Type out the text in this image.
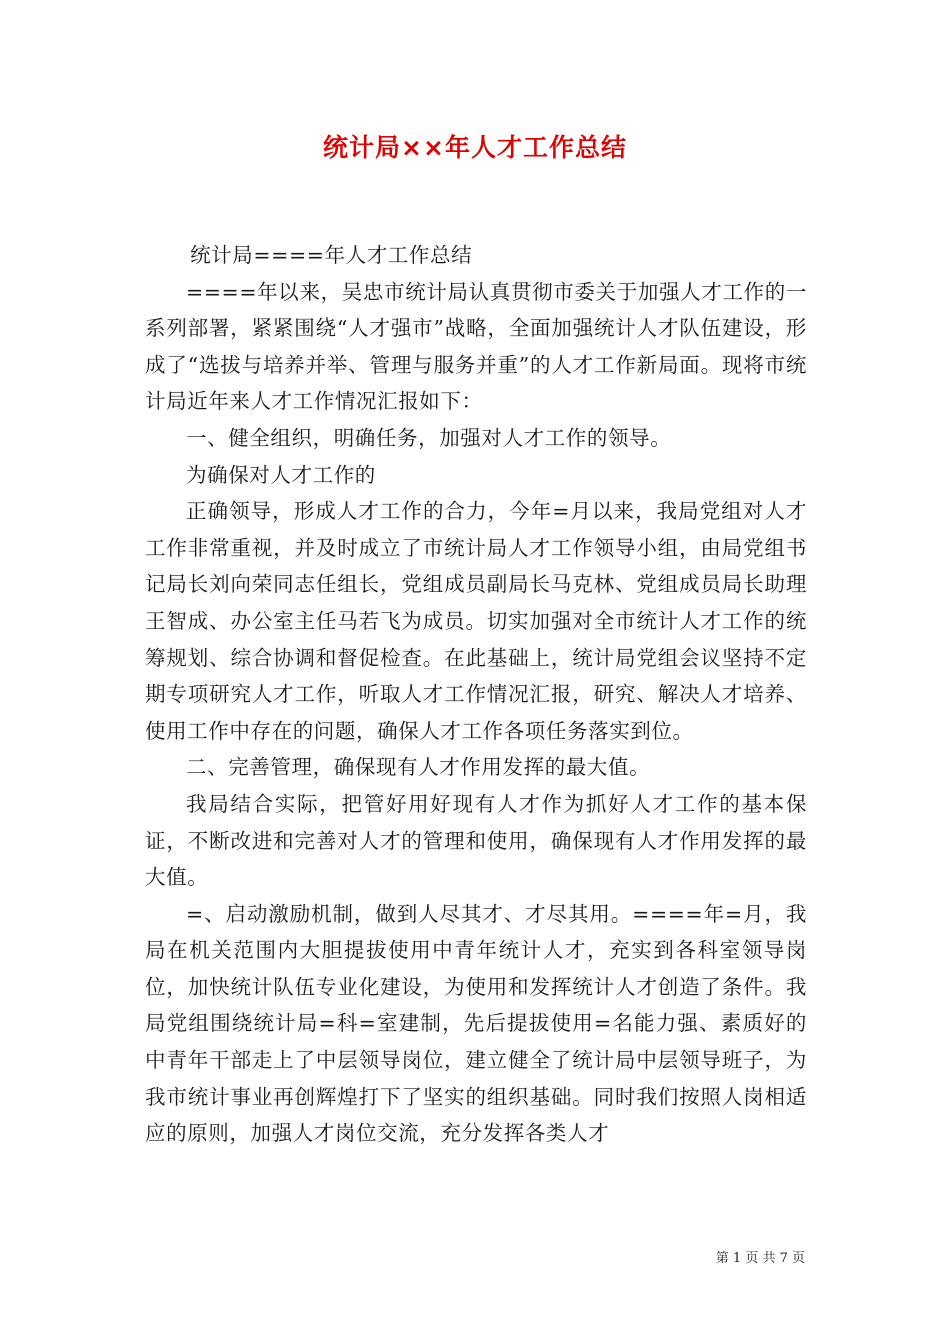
统计局××年人才工作总结

统计局====年人才工作总结

====年以来，吴忠市统计局认真贯彻市委关于加强人才工作的一系列部署，紧紧围绕“人才强市”战略，全面加强统计人才队伍建设，形成了“选拔与培养并举、管理与服务并重”的人才工作新局面。现将市统计局近年来人才工作情况汇报如下：

一、健全组织，明确任务，加强对人才工作的领导。

为确保对人才工作的

正确领导，形成人才工作的合力，今年=月以来，我局党组对人才工作非常重视，并及时成立了市统计局人才工作领导小组，由局党组书记局长刘向荣同志任组长，党组成员副局长马克林、党组成员局长助理王智成、办公室主任马若飞为成员。切实加强对全市统计人才工作的统筹规划、综合协调和督促检查。在此基础上，统计局党组会议坚持不定期专项研究人才工作，听取人才工作情况汇报，研究、解决人才培养、使用工作中存在的问题，确保人才工作各项任务落实到位。

二、完善管理，确保现有人才作用发挥的最大值。

我局结合实际，把管好用好现有人才作为抓好人才工作的基本保证，不断改进和完善对人才的管理和使用，确保现有人才作用发挥的最大值。

=、启动激励机制，做到人尽其才、才尽其用。====年=月，我局在机关范围内大胆提拔使用中青年统计人才，充实到各科室领导岗位，加快统计队伍专业化建设，为使用和发挥统计人才创造了条件。我局党组围绕统计局=科=室建制，先后提拔使用=名能力强、素质好的中青年干部走上了中层领导岗位，建立健全了统计局中层领导班子，为我市统计事业再创辉煌打下了坚实的组织基础。同时我们按照人岗相适应的原则，加强人才岗位交流，充分发挥各类人才

第 1 页 共 7 页
